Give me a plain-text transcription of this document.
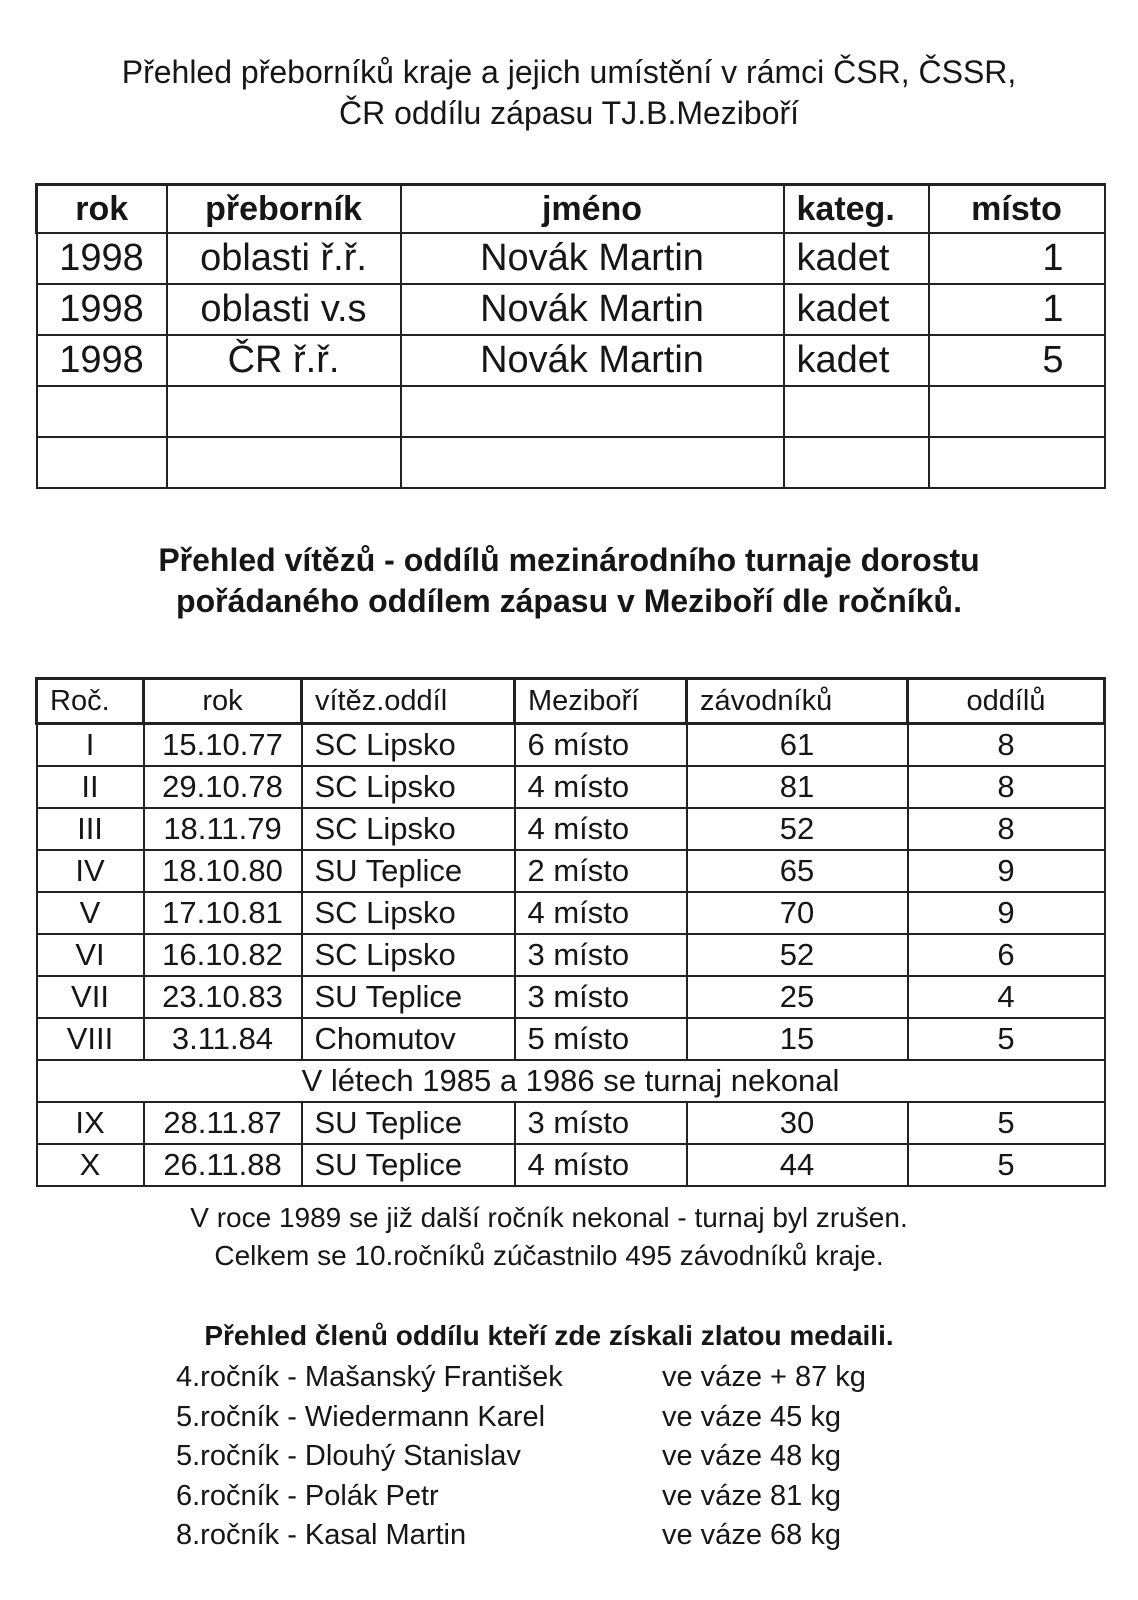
Přehled přeborníků kraje a jejich umístění v rámci ČSR, ČSSR,
ČR oddílu zápasu TJ.B.Meziboří
rok	přeborník	jméno	kateg.	místo
1998	oblasti ř.ř.	Novák Martin	kadet	1
1998	oblasti v.s	Novák Martin	kadet	1
1998	ČR ř.ř.	Novák Martin	kadet	5

Přehled vítězů - oddílů mezinárodního turnaje dorostu
pořádaného oddílem zápasu v Meziboří dle ročníků.
Roč.	rok	vítěz.oddíl	Meziboří	závodníků	oddílů
I	15.10.77	SC Lipsko	6 místo	61	8
II	29.10.78	SC Lipsko	4 místo	81	8
III	18.11.79	SC Lipsko	4 místo	52	8
IV	18.10.80	SU Teplice	2 místo	65	9
V	17.10.81	SC Lipsko	4 místo	70	9
VI	16.10.82	SC Lipsko	3 místo	52	6
VII	23.10.83	SU Teplice	3 místo	25	4
VIII	3.11.84	Chomutov	5 místo	15	5
V létech 1985 a 1986 se turnaj nekonal					
IX	28.11.87	SU Teplice	3 místo	30	5
X	26.11.88	SU Teplice	4 místo	44	5

V roce 1989 se již další ročník nekonal - turnaj byl zrušen.
Celkem se 10.ročníků zúčastnilo 495 závodníků kraje.

Přehled členů oddílu kteří zde získali zlatou medaili.
4.ročník - Mašanský František	ve váze + 87 kg
5.ročník - Wiedermann Karel	ve váze 45 kg
5.ročník - Dlouhý Stanislav	ve váze 48 kg
6.ročník - Polák Petr	ve váze 81 kg
8.ročník - Kasal Martin	ve váze 68 kg
